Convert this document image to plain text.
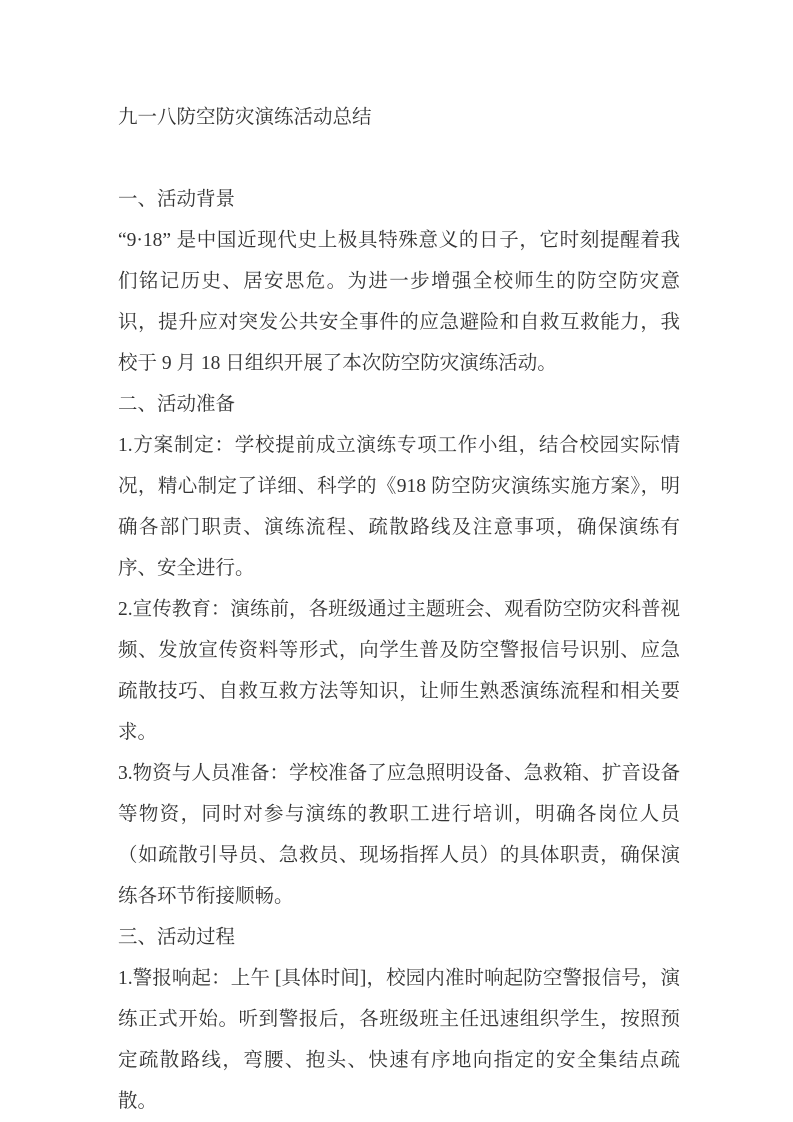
九一八防空防灾演练活动总结
一、活动背景

“9·18” 是中国近现代史上极具特殊意义的日子，它时刻提醒着我们铭记历史、居安思危。为进一步增强全校师生的防空防灾意识，提升应对突发公共安全事件的应急避险和自救互救能力，我校于 9 月 18 日组织开展了本次防空防灾演练活动。

二、活动准备

1.方案制定：学校提前成立演练专项工作小组，结合校园实际情况，精心制定了详细、科学的《918 防空防灾演练实施方案》，明确各部门职责、演练流程、疏散路线及注意事项，确保演练有序、安全进行。

2.宣传教育：演练前，各班级通过主题班会、观看防空防灾科普视频、发放宣传资料等形式，向学生普及防空警报信号识别、应急疏散技巧、自救互救方法等知识，让师生熟悉演练流程和相关要求。

3.物资与人员准备：学校准备了应急照明设备、急救箱、扩音设备等物资，同时对参与演练的教职工进行培训，明确各岗位人员（如疏散引导员、急救员、现场指挥人员）的具体职责，确保演练各环节衔接顺畅。

三、活动过程

1.警报响起：上午 [具体时间]，校园内准时响起防空警报信号，演练正式开始。听到警报后，各班级班主任迅速组织学生，按照预定疏散路线，弯腰、抱头、快速有序地向指定的安全集结点疏散。
